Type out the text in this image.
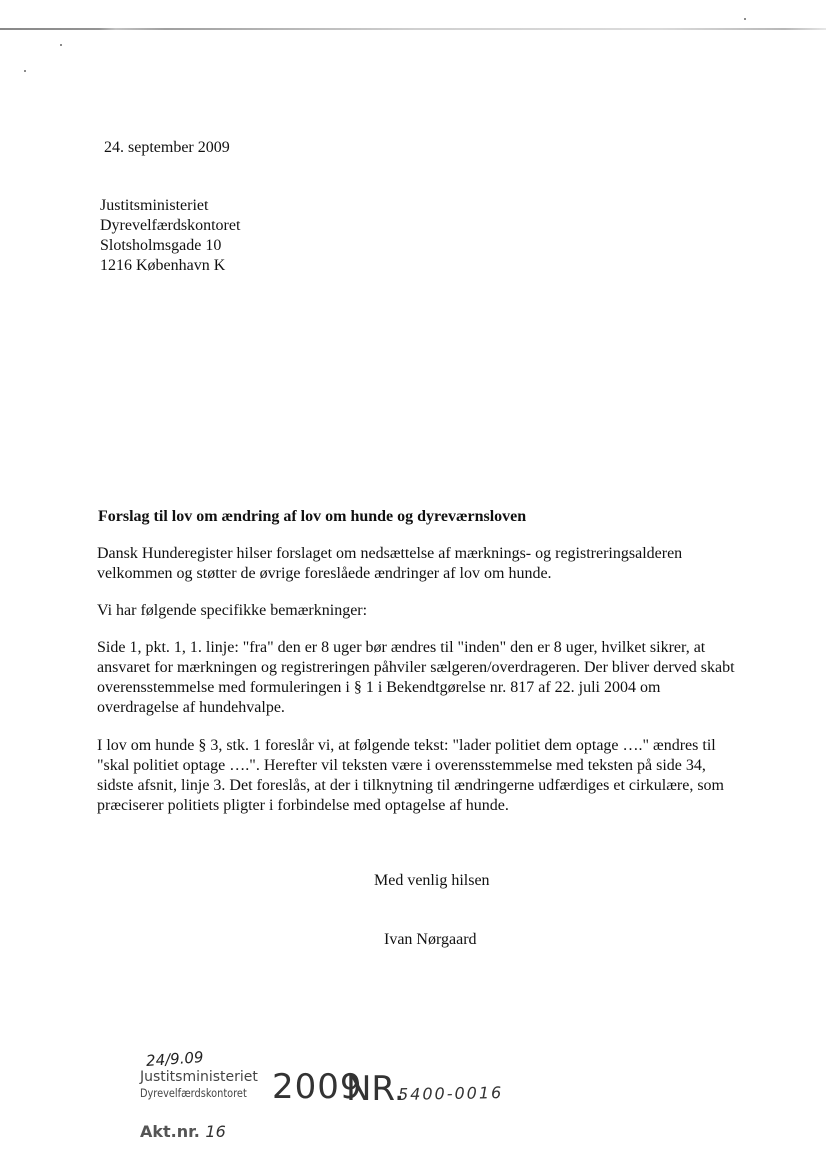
24. september 2009
Justitsministeriet
Dyrevelfærdskontoret
Slotsholmsgade 10
1216 København K
Forslag til lov om ændring af lov om hunde og dyreværnsloven
Dansk Hunderegister hilser forslaget om nedsættelse af mærknings- og registreringsalderen
velkommen og støtter de øvrige foreslåede ændringer af lov om hunde.
Vi har følgende specifikke bemærkninger:
Side 1, pkt. 1, 1. linje: "fra" den er 8 uger bør ændres til "inden" den er 8 uger, hvilket sikrer, at
ansvaret for mærkningen og registreringen påhviler sælgeren/overdrageren. Der bliver derved skabt
overensstemmelse med formuleringen i § 1 i Bekendtgørelse nr. 817 af 22. juli 2004 om
overdragelse af hundehvalpe.
I lov om hunde § 3, stk. 1 foreslår vi, at følgende tekst: "lader politiet dem optage …." ændres til
"skal politiet optage ….". Herefter vil teksten være i overensstemmelse med teksten på side 34,
sidste afsnit, linje 3. Det foreslås, at der i tilknytning til ændringerne udfærdiges et cirkulære, som
præciserer politiets pligter i forbindelse med optagelse af hunde.
Med venlig hilsen
Ivan Nørgaard
24/9.09
Justitsministeriet
Dyrevelfærdskontoret 2009
NR.
5400-0016
Akt.nr. 16
